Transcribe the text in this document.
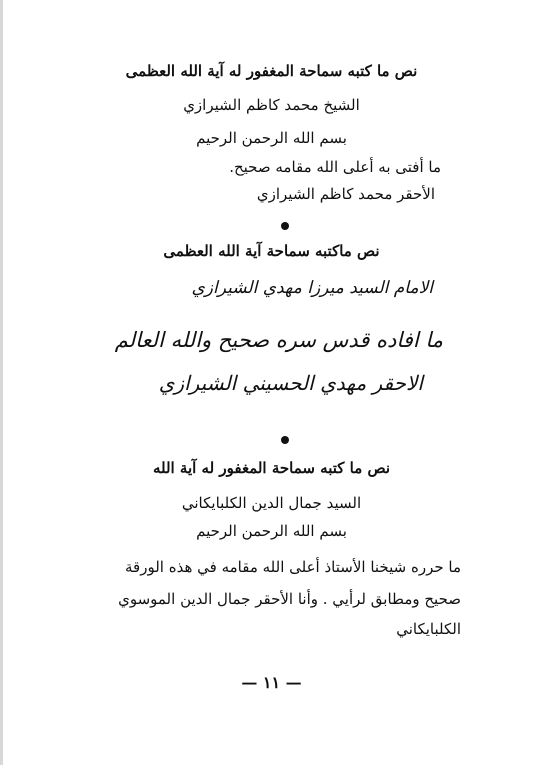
نص ما كتبه سماحة المغفور له آية الله العظمى
الشيخ محمد كاظم الشيرازي
بسم الله الرحمن الرحيم
ما أفتى به أعلى الله مقامه صحيح.
الأحقر محمد كاظم الشيرازي
نص ماكتبه سماحة آية الله العظمى
الامام السيد ميرزا مهدي الشيرازي
ما افاده قدس سره صحيح والله العالم
الاحقر مهدي الحسيني الشيرازي
نص ما كتبه سماحة المغفور له آية الله
السيد جمال الدين الكلبايكاني
بسم الله الرحمن الرحيم
ما حرره شيخنا الأستاذ أعلى الله مقامه في هذه الورقة
صحيح ومطابق لرأيي . وأنا الأحقر جمال الدين الموسوي
الكلبايكاني
— ١١ —
